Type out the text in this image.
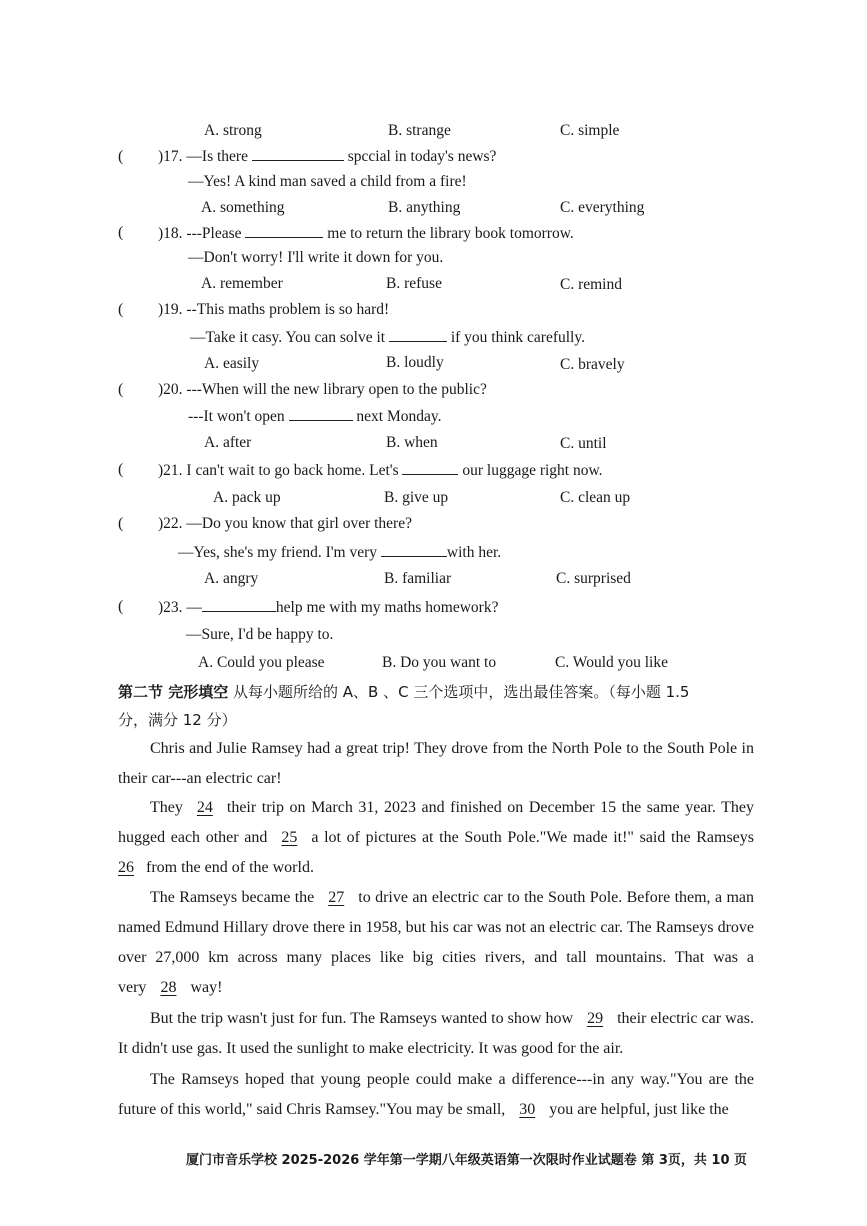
A. strong	B. strange	C. simple
( )17. —Is there	spccial in today's news?
—Yes! A kind man saved a child from a fire!
A. something	B. anything	C. everything
( )18. ---Please	me to return the library book tomorrow.
—Don't worry! I'll write it down for you.
A. remember	B. refuse	C. remind
( )19. --This maths problem is so hard!
—Take it casy. You can solve it	if you think carefully.
A. easily	B. loudly	C. bravely
( )20. ---When will the new library open to the public?
---It won't open	next Monday.
A. after	B. when	C. until
( )21. I can't wait to go back home. Let's	our luggage right now.
A. pack up	B. give up	C. clean up
( )22. —Do you know that girl over there?
—Yes, she's my friend. I'm very	with her.
A. angry	B. familiar	C. surprised
( )23. —	help me with my maths homework?
—Sure, I'd be happy to.
A. Could you please	B. Do you want to	C. Would you like
第二节 完形填空 从每小题所给的 A、B 、C 三个选项中，选出最佳答案。（每小题 1.5
分，满分 12 分）
Chris and Julie Ramsey had a great trip! They drove from the North Pole to the South Pole in their car---an electric car!
They 24 their trip on March 31, 2023 and finished on December 15 the same year. They hugged each other and 25 a lot of pictures at the South Pole."We made it!" said the Ramseys 26 from the end of the world.
The Ramseys became the 27 to drive an electric car to the South Pole. Before them, a man named Edmund Hillary drove there in 1958, but his car was not an electric car. The Ramseys drove over 27,000 km across many places like big cities rivers, and tall mountains. That was a very 28 way!
But the trip wasn't just for fun. The Ramseys wanted to show how 29 their electric car was. It didn't use gas. It used the sunlight to make electricity. It was good for the air.
The Ramseys hoped that young people could make a difference---in any way."You are the future of this world," said Chris Ramsey."You may be small, 30 you are helpful, just like the
厦门市音乐学校 2025-2026 学年第一学期八年级英语第一次限时作业试题卷 第 3页，共 10 页
